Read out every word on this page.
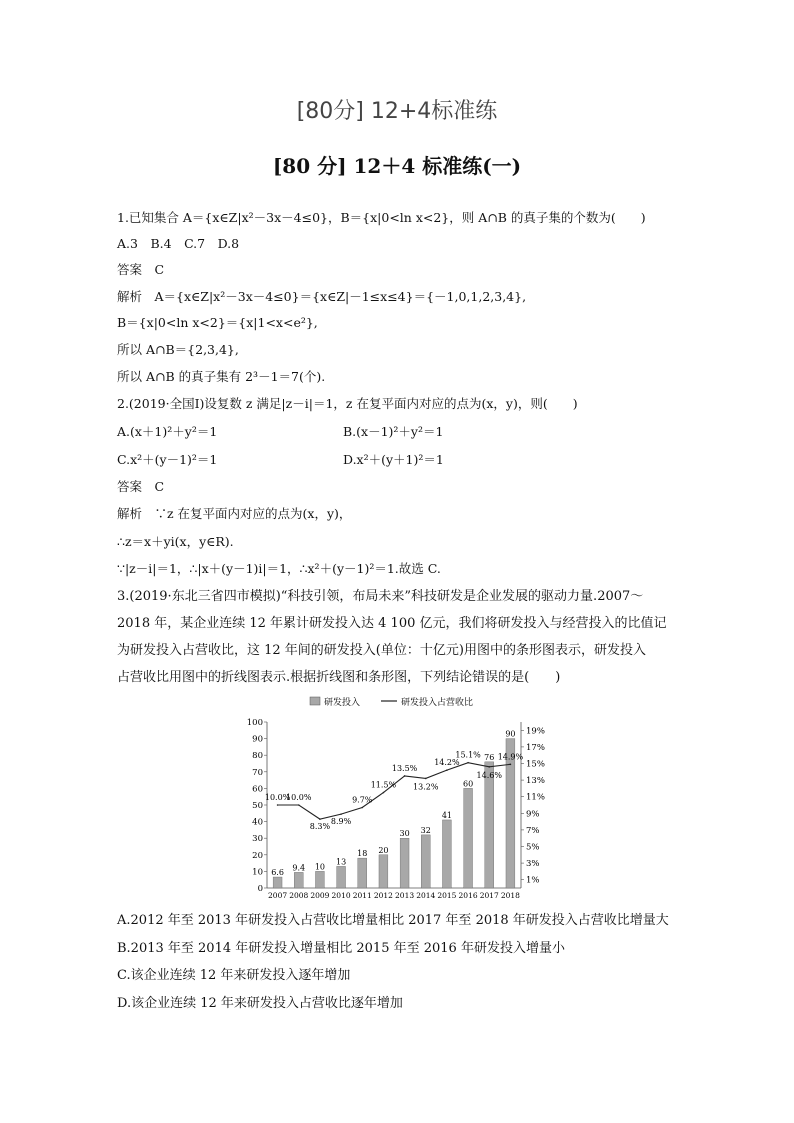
[80分] 12+4标准练
[80 分] 12＋4 标准练(一)
1.已知集合 A＝{x∈Z|x²－3x－4≤0}，B＝{x|0<ln x<2}，则 A∩B 的真子集的个数为(　　)
A.3　B.4　C.7　D.8
答案　C
解析　A＝{x∈Z|x²－3x－4≤0}＝{x∈Z|－1≤x≤4}＝{－1,0,1,2,3,4},
B＝{x|0<ln x<2}＝{x|1<x<e²},
所以 A∩B＝{2,3,4},
所以 A∩B 的真子集有 2³－1＝7(个).
2.(2019·全国Ⅰ)设复数 z 满足|z－i|＝1，z 在复平面内对应的点为(x，y)，则(　　)
A.(x＋1)²＋y²＝1	B.(x－1)²＋y²＝1
C.x²＋(y－1)²＝1	D.x²＋(y＋1)²＝1
答案　C
解析　∵z 在复平面内对应的点为(x，y)，
∴z＝x＋yi(x，y∈R).
∵|z－i|＝1，∴|x＋(y－1)i|＝1，∴x²＋(y－1)²＝1.故选 C.
3.(2019·东北三省四市模拟)“科技引领，布局未来”科技研发是企业发展的驱动力量.2007～
2018 年，某企业连续 12 年累计研发投入达 4 100 亿元，我们将研发投入与经营投入的比值记
为研发投入占营收比，这 12 年间的研发投入(单位：十亿元)用图中的条形图表示，研发投入
占营收比用图中的折线图表示.根据折线图和条形图，下列结论错误的是(　　)
研发投入	研发投入占营收比
0
10
20
30
40
50
60
70
80
90
100
1%
3%
5%
7%
9%
11%
13%
15%
17%
19%
6.6
2007
9.4
2008
10
2009
13
2010
18
2011
20
2012
30
2013
32
2014
41
2015
60
2016
76
2017
90
2018
10.0%
10.0%
8.3%
8.9%
9.7%
11.5%
13.5%
13.2%
14.2%
15.1%
14.6%
14.9%
A.2012 年至 2013 年研发投入占营收比增量相比 2017 年至 2018 年研发投入占营收比增量大
B.2013 年至 2014 年研发投入增量相比 2015 年至 2016 年研发投入增量小
C.该企业连续 12 年来研发投入逐年增加
D.该企业连续 12 年来研发投入占营收比逐年增加
